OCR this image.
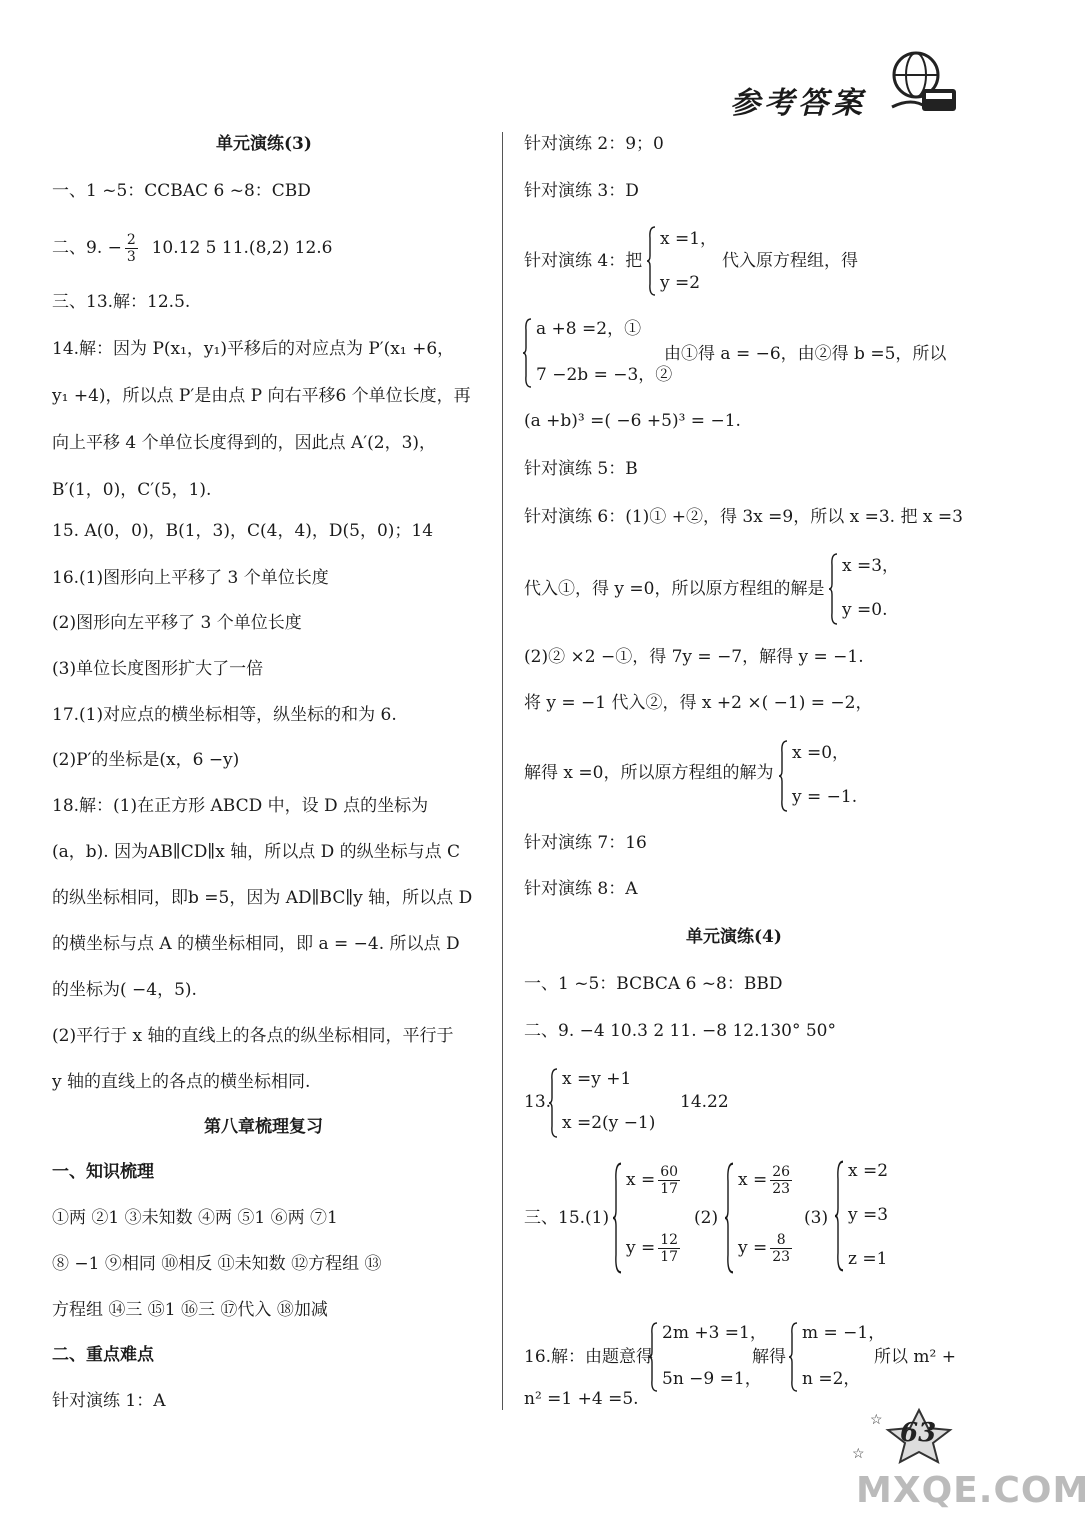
参考答案
单元演练(3)
一、1 ~5：CCBAC 6 ~8：CBD
二、9. − $\frac{2}{3} 10.12$ 5 11.(8,2) 12.6
三、13.解：12.5.
14.解：因为 P(x₁，y₁)平移后的对应点为 P′(x₁ +6，
y₁ +4)，所以点 P′是由点 P 向右平移6 个单位长度，再
向上平移 4 个单位长度得到的，因此点 A′(2，3)，
B′(1，0)，C′(5，1).
15. A(0，0)，B(1，3)，C(4，4)，D(5，0)；14
16.(1)图形向上平移了 3 个单位长度
(2)图形向左平移了 3 个单位长度
(3)单位长度图形扩大了一倍
17.(1)对应点的横坐标相等，纵坐标的和为 6.
(2)P′的坐标是(x，6 −y)
18.解：(1)在正方形 ABCD 中，设 D 点的坐标为
(a，b). 因为AB∥CD∥x 轴，所以点 D 的纵坐标与点 C
的纵坐标相同，即b =5，因为 AD∥BC∥y 轴，所以点 D
的横坐标与点 A 的横坐标相同，即 a = −4. 所以点 D
的坐标为( −4，5).
(2)平行于 x 轴的直线上的各点的纵坐标相同，平行于
y 轴的直线上的各点的横坐标相同.
第八章梳理复习
一、知识梳理
①两 ②1 ③未知数 ④两 ⑤1 ⑥两 ⑦1
⑧ −1 ⑨相同 ⑩相反 ⑪未知数 ⑫方程组 ⑬
方程组 ⑭三 ⑮1 ⑯三 ⑰代入 ⑱加减
二、重点难点
针对演练 1：A
针对演练 2：9；0
针对演练 3：D
针对演练 4：把
x =1，
y =2
代入原方程组，得
a +8 =2，①
7 −2b = −3，②
由①得 a = −6，由②得 b =5，所以
(a +b)³ =( −6 +5)³ = −1.
针对演练 5：B
针对演练 6：(1)① +②，得 3x =9，所以 x =3. 把 x =3
代入①，得 y =0，所以原方程组的解是
x =3，
y =0.
(2)② ×2 −①，得 7y = −7，解得 y = −1.
将 y = −1 代入②，得 x +2 ×( −1) = −2，
解得 x =0，所以原方程组的解为
x =0，
y = −1.
针对演练 7：16
针对演练 8：A
单元演练(4)
一、1 ~5：BCBCA 6 ~8：BBD
二、9. −4 10.3 2 11. −8 12.130° 50°
13.
x =y +1
x =2(y −1)
14.22
三、15.(1)
$x = \frac{60}{17}$
$y = \frac{12}{17}$
(2)
$x = \frac{26}{23}$
$y = \frac{8}{23}$
(3)
x =2
y =3
z =1
16.解：由题意得
2m +3 =1，
5n −9 =1，
解得
m = −1，
n =2，
所以 m² +
n² =1 +4 =5.
63
☆
☆
MXQE.COM
